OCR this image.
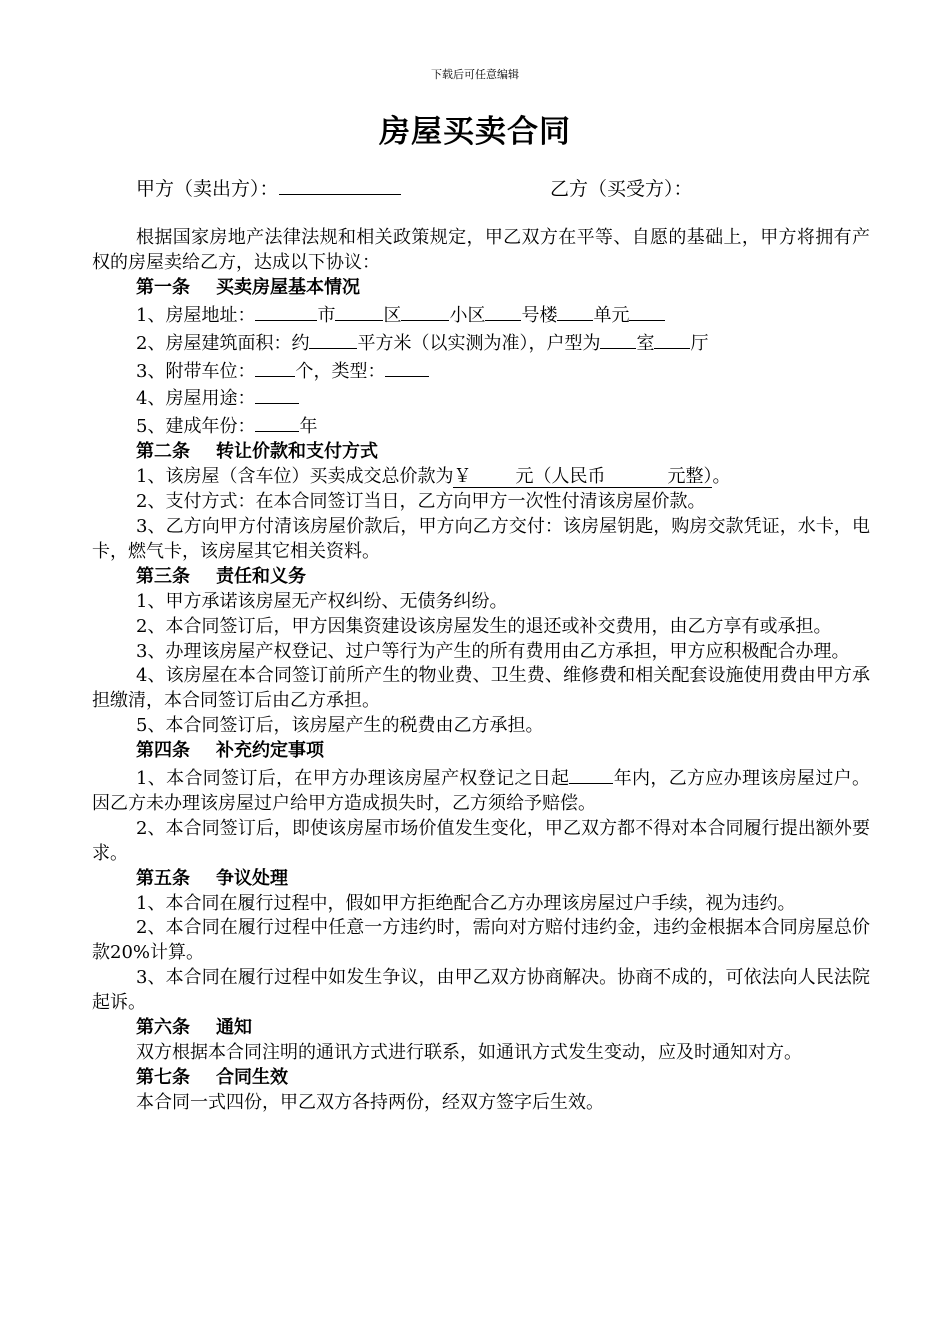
下载后可任意编辑
房屋买卖合同
甲方（卖出方）：	乙方（买受方）：
根据国家房地产法律法规和相关政策规定，甲乙双方在平等、自愿的基础上，甲方将拥有产权的房屋卖给乙方，达成以下协议：
第一条 买卖房屋基本情况
1、房屋地址：	市	区	小区 号楼 单元
2、房屋建筑面积：约	平方米（以实测为准），户型为 室 厅
3、附带车位： 个，类型：
4、房屋用途：
5、建成年份： 年
第二条 转让价款和支付方式
1、该房屋（含车位）买卖成交总价款为￥ 元（人民币	元整）。
2、支付方式：在本合同签订当日，乙方向甲方一次性付清该房屋价款。
3、乙方向甲方付清该房屋价款后，甲方向乙方交付：该房屋钥匙，购房交款凭证，水卡，电卡，燃气卡，该房屋其它相关资料。
第三条 责任和义务
1、甲方承诺该房屋无产权纠纷、无债务纠纷。
2、本合同签订后，甲方因集资建设该房屋发生的退还或补交费用，由乙方享有或承担。
3、办理该房屋产权登记、过户等行为产生的所有费用由乙方承担，甲方应积极配合办理。
4、该房屋在本合同签订前所产生的物业费、卫生费、维修费和相关配套设施使用费由甲方承担缴清，本合同签订后由乙方承担。
5、本合同签订后，该房屋产生的税费由乙方承担。
第四条 补充约定事项
1、本合同签订后，在甲方办理该房屋产权登记之日起 年内，乙方应办理该房屋过户。因乙方未办理该房屋过户给甲方造成损失时，乙方须给予赔偿。
2、本合同签订后，即使该房屋市场价值发生变化，甲乙双方都不得对本合同履行提出额外要求。
第五条 争议处理
1、本合同在履行过程中，假如甲方拒绝配合乙方办理该房屋过户手续，视为违约。
2、本合同在履行过程中任意一方违约时，需向对方赔付违约金，违约金根据本合同房屋总价款20%计算。
3、本合同在履行过程中如发生争议，由甲乙双方协商解决。协商不成的，可依法向人民法院起诉。
第六条 通知
双方根据本合同注明的通讯方式进行联系，如通讯方式发生变动，应及时通知对方。
第七条 合同生效
本合同一式四份，甲乙双方各持两份，经双方签字后生效。
